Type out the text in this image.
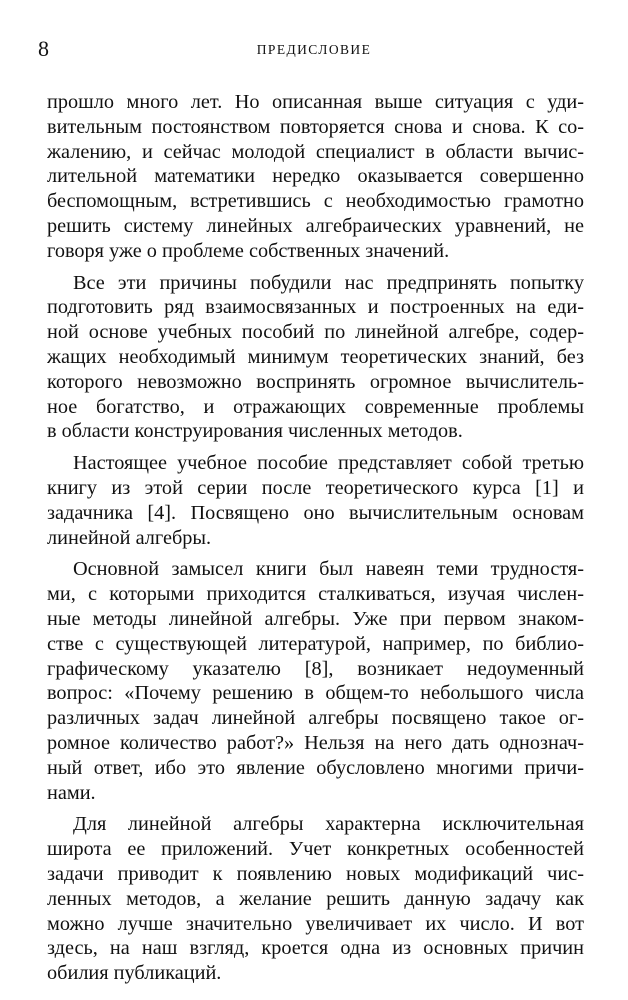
8	ПРЕДИСЛОВИЕ
прошло много лет. Но описанная выше ситуация с уди-
вительным постоянством повторяется снова и снова. К со-
жалению, и сейчас молодой специалист в области вычис-
лительной математики нередко оказывается совершенно
беспомощным, встретившись с необходимостью грамотно
решить систему линейных алгебраических уравнений, не
говоря уже о проблеме собственных значений.
Все эти причины побудили нас предпринять попытку
подготовить ряд взаимосвязанных и построенных на еди-
ной основе учебных пособий по линейной алгебре, содер-
жащих необходимый минимум теоретических знаний, без
которого невозможно воспринять огромное вычислитель-
ное богатство, и отражающих современные проблемы
в области конструирования численных методов.
Настоящее учебное пособие представляет собой третью
книгу из этой серии после теоретического курса [1] и
задачника [4]. Посвящено оно вычислительным основам
линейной алгебры.
Основной замысел книги был навеян теми трудностя-
ми, с которыми приходится сталкиваться, изучая числен-
ные методы линейной алгебры. Уже при первом знаком-
стве с существующей литературой, например, по библио-
графическому указателю [8], возникает недоуменный
вопрос: «Почему решению в общем-то небольшого числа
различных задач линейной алгебры посвящено такое ог-
ромное количество работ?» Нельзя на него дать однознач-
ный ответ, ибо это явление обусловлено многими причи-
нами.
Для линейной алгебры характерна исключительная
широта ее приложений. Учет конкретных особенностей
задачи приводит к появлению новых модификаций чис-
ленных методов, а желание решить данную задачу как
можно лучше значительно увеличивает их число. И вот
здесь, на наш взгляд, кроется одна из основных причин
обилия публикаций.
